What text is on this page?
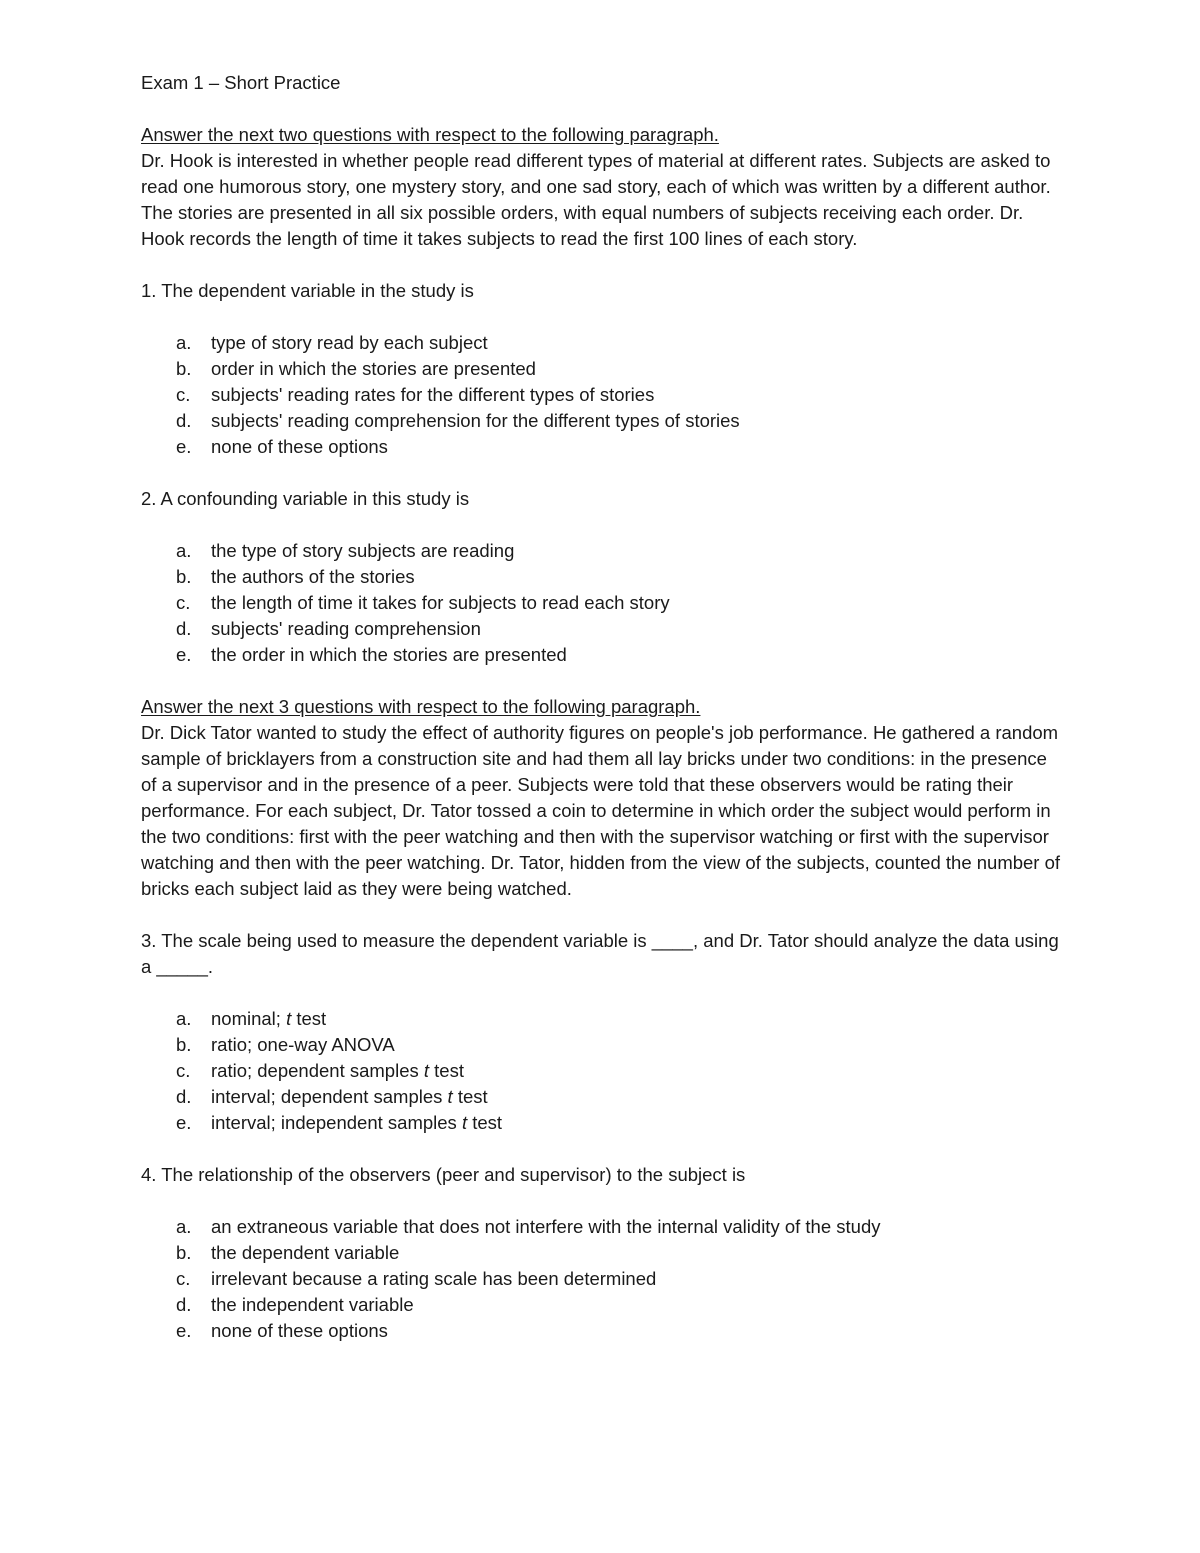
Exam 1 – Short Practice

Answer the next two questions with respect to the following paragraph.

Dr. Hook is interested in whether people read different types of material at different rates. Subjects are asked to read one humorous story, one mystery story, and one sad story, each of which was written by a different author. The stories are presented in all six possible orders, with equal numbers of subjects receiving each order. Dr. Hook records the length of time it takes subjects to read the first 100 lines of each story.

1. The dependent variable in the study is

a. type of story read by each subject
b. order in which the stories are presented
c. subjects' reading rates for the different types of stories
d. subjects' reading comprehension for the different types of stories
e. none of these options

2. A confounding variable in this study is

a. the type of story subjects are reading
b. the authors of the stories
c. the length of time it takes for subjects to read each story
d. subjects' reading comprehension
e. the order in which the stories are presented

Answer the next 3 questions with respect to the following paragraph.

Dr. Dick Tator wanted to study the effect of authority figures on people's job performance. He gathered a random sample of bricklayers from a construction site and had them all lay bricks under two conditions: in the presence of a supervisor and in the presence of a peer. Subjects were told that these observers would be rating their performance. For each subject, Dr. Tator tossed a coin to determine in which order the subject would perform in the two conditions: first with the peer watching and then with the supervisor watching or first with the supervisor watching and then with the peer watching. Dr. Tator, hidden from the view of the subjects, counted the number of bricks each subject laid as they were being watched.

3. The scale being used to measure the dependent variable is ____, and Dr. Tator should analyze the data using a _____.

a. nominal; t test
b. ratio; one-way ANOVA
c. ratio; dependent samples t test
d. interval; dependent samples t test
e. interval; independent samples t test

4. The relationship of the observers (peer and supervisor) to the subject is

a. an extraneous variable that does not interfere with the internal validity of the study
b. the dependent variable
c. irrelevant because a rating scale has been determined
d. the independent variable
e. none of these options
